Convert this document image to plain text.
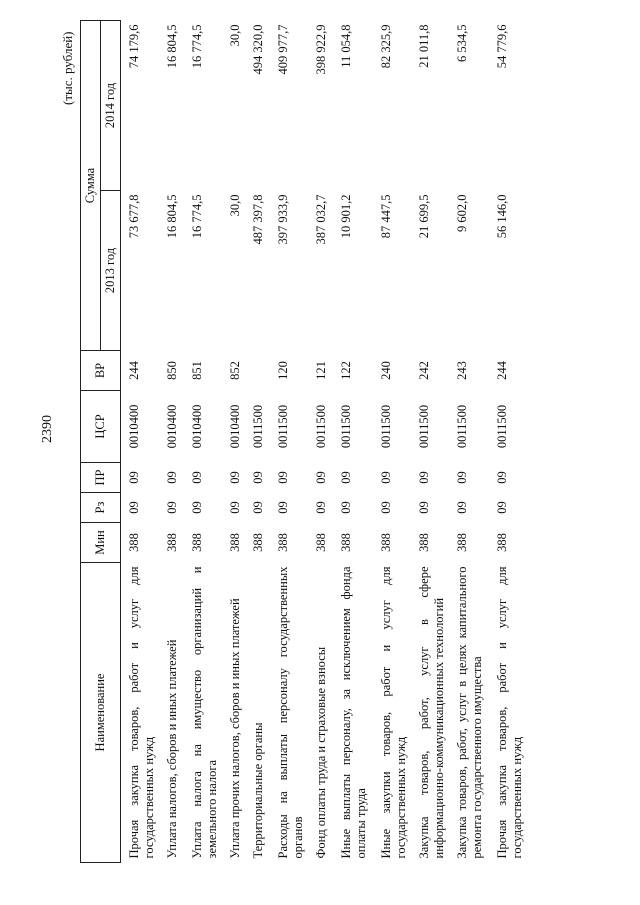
2390
(тыс. рублей)
Наименование	Мин	Рз	ПР	ЦСР	ВР	Сумма	
						2013 год	2014 год
Прочая закупка товаров, работ и услуг для государственных нужд	388	09	09	0010400	244	73 677,8	74 179,6
Уплата налогов, сборов и иных платежей	388	09	09	0010400	850	16 804,5	16 804,5
Уплата налога на имущество организаций и земельного налога	388	09	09	0010400	851	16 774,5	16 774,5
Уплата прочих налогов, сборов и иных платежей	388	09	09	0010400	852	30,0	30,0
Территориальные органы	388	09	09	0011500		487 397,8	494 320,0
Расходы на выплаты персоналу государственных органов	388	09	09	0011500	120	397 933,9	409 977,7
Фонд оплаты труда и страховые взносы	388	09	09	0011500	121	387 032,7	398 922,9
Иные выплаты персоналу, за исключением фонда оплаты труда	388	09	09	0011500	122	10 901,2	11 054,8
Иные закупки товаров, работ и услуг для государственных нужд	388	09	09	0011500	240	87 447,5	82 325,9
Закупка товаров, работ, услуг в сфере информационно-коммуникационных технологий	388	09	09	0011500	242	21 699,5	21 011,8
Закупка товаров, работ, услуг в целях капитального ремонта государственного имущества	388	09	09	0011500	243	9 602,0	6 534,5
Прочая закупка товаров, работ и услуг для государственных нужд	388	09	09	0011500	244	56 146,0	54 779,6
